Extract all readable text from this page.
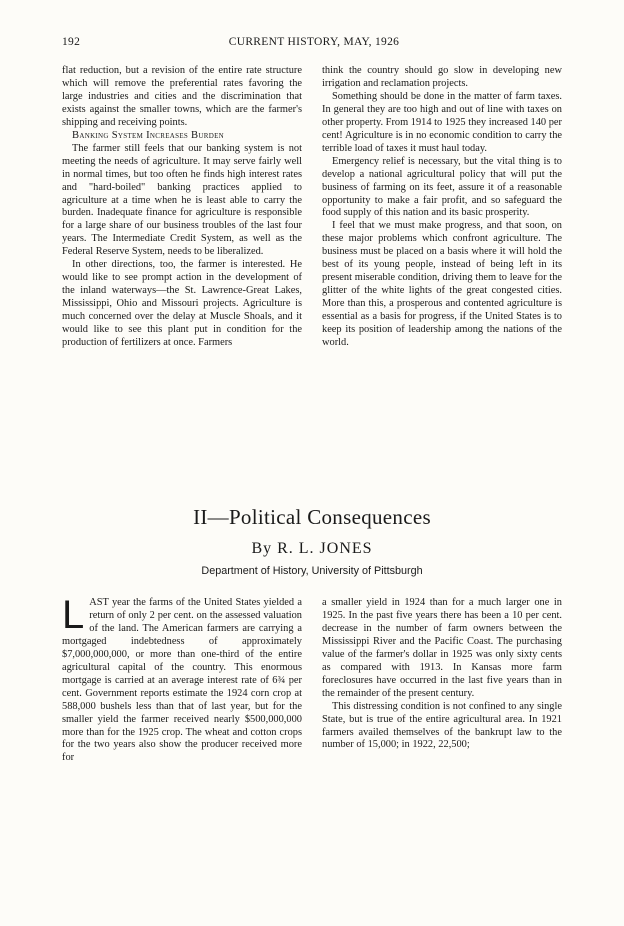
192	CURRENT HISTORY, MAY, 1926

flat reduction, but a revision of the entire rate structure which will remove the preferential rates favoring the large industries and cities and the discrimination that exists against the smaller towns, which are the farmer's shipping and receiving points.

Banking System Increases Burden

The farmer still feels that our banking system is not meeting the needs of agriculture. It may serve fairly well in normal times, but too often he finds high interest rates and "hard-boiled" banking practices applied to agriculture at a time when he is least able to carry the burden. Inadequate finance for agriculture is responsible for a large share of our business troubles of the last four years. The Intermediate Credit System, as well as the Federal Reserve System, needs to be liberalized.

In other directions, too, the farmer is interested. He would like to see prompt action in the development of the inland waterways—the St. Lawrence-Great Lakes, Mississippi, Ohio and Missouri projects. Agriculture is much concerned over the delay at Muscle Shoals, and it would like to see this plant put in condition for the production of fertilizers at once. Farmers

think the country should go slow in developing new irrigation and reclamation projects.

Something should be done in the matter of farm taxes. In general they are too high and out of line with taxes on other property. From 1914 to 1925 they increased 140 per cent! Agriculture is in no economic condition to carry the terrible load of taxes it must haul today.

Emergency relief is necessary, but the vital thing is to develop a national agricultural policy that will put the business of farming on its feet, assure it of a reasonable opportunity to make a fair profit, and so safeguard the food supply of this nation and its basic prosperity.

I feel that we must make progress, and that soon, on these major problems which confront agriculture. The business must be placed on a basis where it will hold the best of its young people, instead of being left in its present miserable condition, driving them to leave for the glitter of the white lights of the great congested cities. More than this, a prosperous and contented agriculture is essential as a basis for progress, if the United States is to keep its position of leadership among the nations of the world.

II—Political Consequences
By R. L. JONES
Department of History, University of Pittsburgh

LAST year the farms of the United States yielded a return of only 2 per cent. on the assessed valuation of the land. The American farmers are carrying a mortgaged indebtedness of approximately $7,000,000,000, or more than one-third of the entire agricultural capital of the country. This enormous mortgage is carried at an average interest rate of 6¾ per cent. Government reports estimate the 1924 corn crop at 588,000 bushels less than that of last year, but for the smaller yield the farmer received nearly $500,000,000 more than for the 1925 crop. The wheat and cotton crops for the two years also show the producer received more for

a smaller yield in 1924 than for a much larger one in 1925. In the past five years there has been a 10 per cent. decrease in the number of farm owners between the Mississippi River and the Pacific Coast. The purchasing value of the farmer's dollar in 1925 was only sixty cents as compared with 1913. In Kansas more farm foreclosures have occurred in the last five years than in the remainder of the present century.

This distressing condition is not confined to any single State, but is true of the entire agricultural area. In 1921 farmers availed themselves of the bankrupt law to the number of 15,000; in 1922, 22,500;
